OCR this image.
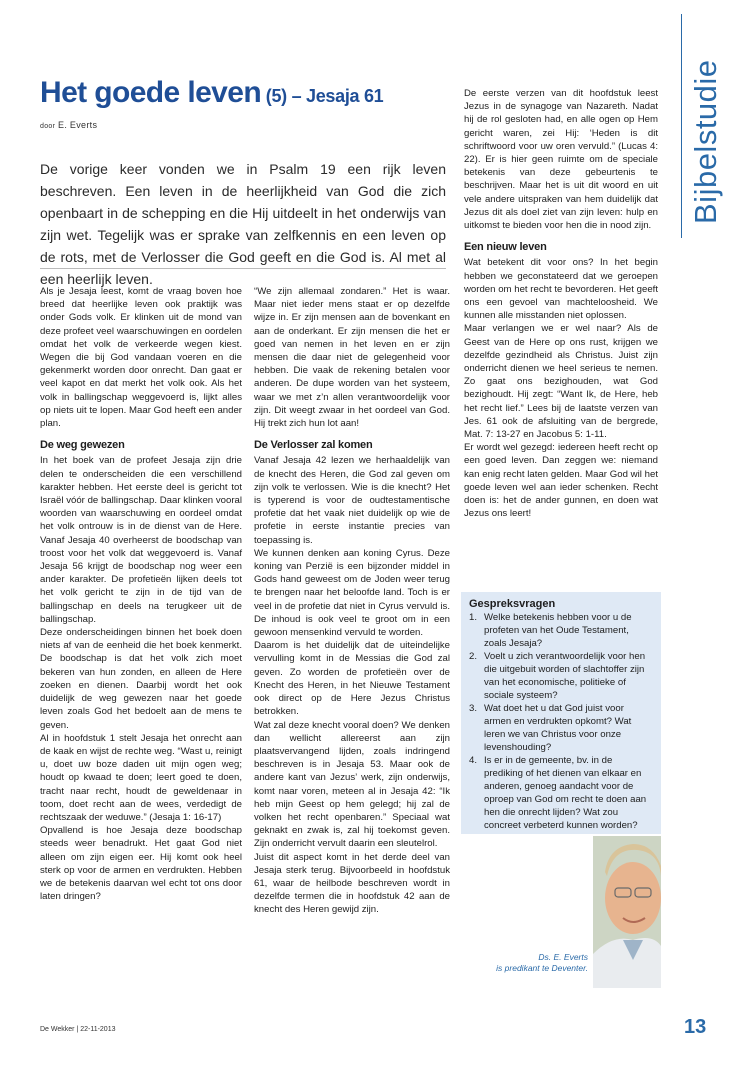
Bijbelstudie
Het goede leven (5) – Jesaja 61
door E. Everts

De vorige keer vonden we in Psalm 19 een rijk leven beschreven. Een leven in de heerlijkheid van God die zich openbaart in de schepping en die Hij uitdeelt in het onderwijs van zijn wet. Tegelijk was er sprake van zelfkennis en een leven op de rots, met de Verlosser die God geeft en die God is. Al met al een heerlijk leven.

Als je Jesaja leest, komt de vraag boven hoe breed dat heerlijke leven ook praktijk was onder Gods volk. Er klinken uit de mond van deze profeet veel waarschuwingen en oordelen omdat het volk de verkeerde wegen kiest. Wegen die bij God vandaan voeren en die gekenmerkt worden door onrecht. Dan gaat er veel kapot en dat merkt het volk ook. Als het volk in ballingschap weggevoerd is, lijkt alles op niets uit te lopen. Maar God heeft een ander plan.

De weg gewezen

In het boek van de profeet Jesaja zijn drie delen te onderscheiden die een verschillend karakter hebben. Het eerste deel is gericht tot Israël vóór de ballingschap. Daar klinken vooral woorden van waarschuwing en oordeel omdat het volk ontrouw is in de dienst van de Here. Vanaf Jesaja 40 overheerst de boodschap van troost voor het volk dat weggevoerd is. Vanaf Jesaja 56 krijgt de boodschap nog weer een ander karakter. De profetieën lijken deels tot het volk gericht te zijn in de tijd van de ballingschap en deels na terugkeer uit de ballingschap.

Deze onderscheidingen binnen het boek doen niets af van de eenheid die het boek kenmerkt. De boodschap is dat het volk zich moet bekeren van hun zonden, en alleen de Here zoeken en dienen. Daarbij wordt het ook duidelijk de weg gewezen naar het goede leven zoals God het bedoelt aan de mens te geven.

Al in hoofdstuk 1 stelt Jesaja het onrecht aan de kaak en wijst de rechte weg. “Wast u, reinigt u, doet uw boze daden uit mijn ogen weg; houdt op kwaad te doen; leert goed te doen, tracht naar recht, houdt de geweldenaar in toom, doet recht aan de wees, verdedigt de rechtszaak der weduwe.” (Jesaja 1: 16-17)

Opvallend is hoe Jesaja deze boodschap steeds weer benadrukt. Het gaat God niet alleen om zijn eigen eer. Hij komt ook heel sterk op voor de armen en verdrukten. Hebben we de betekenis daarvan wel echt tot ons door laten dringen?

“We zijn allemaal zondaren.” Het is waar. Maar niet ieder mens staat er op dezelfde wijze in. Er zijn mensen aan de bovenkant en aan de onderkant. Er zijn mensen die het er goed van nemen in het leven en er zijn mensen die daar niet de gelegenheid voor hebben. Die vaak de rekening betalen voor anderen. De dupe worden van het systeem, waar we met z’n allen verantwoordelijk voor zijn. Dit weegt zwaar in het oordeel van God. Hij trekt zich hun lot aan!

De Verlosser zal komen

Vanaf Jesaja 42 lezen we herhaaldelijk van de knecht des Heren, die God zal geven om zijn volk te verlossen. Wie is die knecht? Het is typerend is voor de oudtestamentische profetie dat het vaak niet duidelijk op wie de profetie in eerste instantie precies van toepassing is.

We kunnen denken aan koning Cyrus. Deze koning van Perzië is een bijzonder middel in Gods hand geweest om de Joden weer terug te brengen naar het beloofde land. Toch is er veel in de profetie dat niet in Cyrus vervuld is. De inhoud is ook veel te groot om in een gewoon mensenkind vervuld te worden.

Daarom is het duidelijk dat de uiteindelijke vervulling komt in de Messias die God zal geven. Zo worden de profetieën over de Knecht des Heren, in het Nieuwe Testament ook direct op de Here Jezus Christus betrokken.

Wat zal deze knecht vooral doen? We denken dan wellicht allereerst aan zijn plaatsvervangend lijden, zoals indringend beschreven is in Jesaja 53. Maar ook de andere kant van Jezus’ werk, zijn onderwijs, komt naar voren, meteen al in Jesaja 42: “Ik heb mijn Geest op hem gelegd; hij zal de volken het recht openbaren.” Speciaal wat geknakt en zwak is, zal hij toekomst geven. Zijn onderricht vervult daarin een sleutelrol.

Juist dit aspect komt in het derde deel van Jesaja sterk terug. Bijvoorbeeld in hoofdstuk 61, waar de heilbode beschreven wordt in dezelfde termen die in hoofdstuk 42 aan de knecht des Heren gewijd zijn.

De eerste verzen van dit hoofdstuk leest Jezus in de synagoge van Nazareth. Nadat hij de rol gesloten had, en alle ogen op Hem gericht waren, zei Hij: ‘Heden is dit schriftwoord voor uw oren vervuld.” (Lucas 4: 22). Er is hier geen ruimte om de speciale betekenis van deze gebeurtenis te beschrijven. Maar het is uit dit woord en uit vele andere uitspraken van hem duidelijk dat Jezus dit als doel ziet van zijn leven: hulp en uitkomst te bieden voor hen die in nood zijn.

Een nieuw leven

Wat betekent dit voor ons? In het begin hebben we geconstateerd dat we geroepen worden om het recht te bevorderen. Het geeft ons een gevoel van machteloosheid. We kunnen alle misstanden niet oplossen.

Maar verlangen we er wel naar? Als de Geest van de Here op ons rust, krijgen we dezelfde gezindheid als Christus. Juist zijn onderricht dienen we heel serieus te nemen. Zo gaat ons bezighouden, wat God bezighoudt. Hij zegt: “Want Ik, de Here, heb het recht lief.” Lees bij de laatste verzen van Jes. 61 ook de afsluiting van de bergrede, Mat. 7: 13-27 en Jacobus 5: 1-11.

Er wordt wel gezegd: iedereen heeft recht op een goed leven. Dan zeggen we: niemand kan enig recht laten gelden. Maar God wil het goede leven wel aan ieder schenken. Recht doen is: het de ander gunnen, en doen wat Jezus ons leert!

Gespreksvragen
1. Welke betekenis hebben voor u de profeten van het Oude Testament, zoals Jesaja?
2. Voelt u zich verantwoordelijk voor hen die uitgebuit worden of slachtoffer zijn van het economische, politieke of sociale systeem?
3. Wat doet het u dat God juist voor armen en verdrukten opkomt? Wat leren we van Christus voor onze levenshouding?
4. Is er in de gemeente, bv. in de prediking of het dienen van elkaar en anderen, genoeg aandacht voor de oproep van God om recht te doen aan hen die onrecht lijden? Wat zou concreet verbeterd kunnen worden?
Ds. E. Everts
is predikant te Deventer.
De Wekker | 22-11-2013	13
